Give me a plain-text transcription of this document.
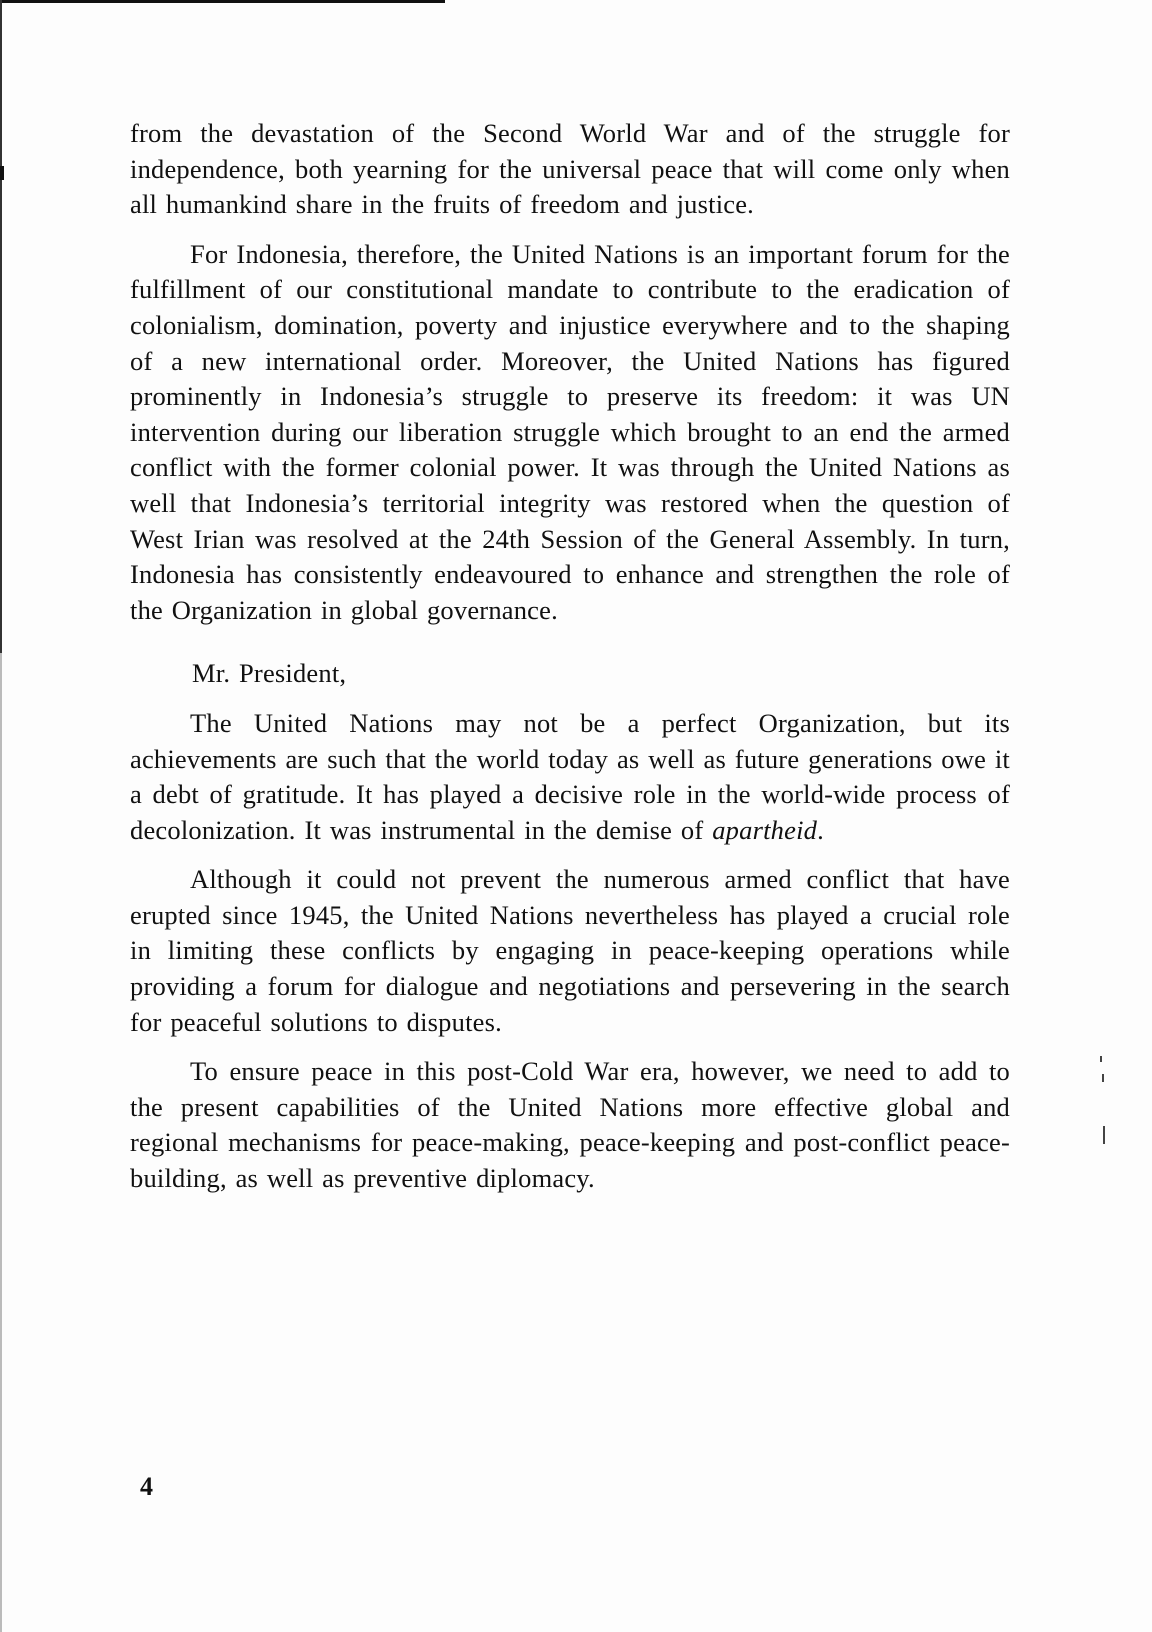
from the devastation of the Second World War and of the struggle for independence, both yearning for the universal peace that will come only when all humankind share in the fruits of freedom and justice.

For Indonesia, therefore, the United Nations is an important forum for the fulfillment of our constitutional mandate to contribute to the eradication of colonialism, domination, poverty and injustice everywhere and to the shaping of a new international order. Moreover, the United Nations has figured prominently in Indonesia’s struggle to preserve its freedom: it was UN intervention during our liberation struggle which brought to an end the armed conflict with the former colonial power. It was through the United Nations as well that Indonesia’s territorial integrity was restored when the question of West Irian was resolved at the 24th Session of the General Assembly. In turn, Indonesia has consistently endeavoured to enhance and strengthen the role of the Organization in global governance.

Mr. President,

The United Nations may not be a perfect Organization, but its achievements are such that the world today as well as future generations owe it a debt of gratitude. It has played a decisive role in the world-wide process of decolonization. It was instrumental in the demise of apartheid.

Although it could not prevent the numerous armed conflict that have erupted since 1945, the United Nations nevertheless has played a crucial role in limiting these conflicts by engaging in peace-keeping operations while providing a forum for dialogue and negotiations and persevering in the search for peaceful solutions to disputes.

To ensure peace in this post-Cold War era, however, we need to add to the present capabilities of the United Nations more effective global and regional mechanisms for peace-making, peace-keeping and post-conflict peace-building, as well as preventive diplomacy.

4
